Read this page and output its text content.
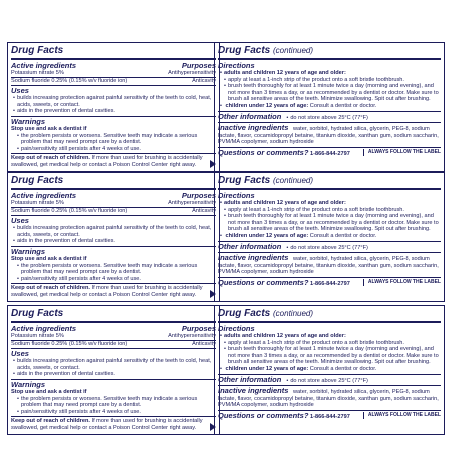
Drug Facts
Active ingredients	Purposes
Potassium nitrate 5%	Antihypersensitivity
Sodium fluoride 0.25% (0.15% w/v fluoride ion)	Anticavity
Uses
• builds increasing protection against painful sensitivity of the teeth to cold, heat, acids, sweets, or contact.
• aids in the prevention of dental cavities.
Warnings
Stop use and ask a dentist if
• the problem persists or worsens. Sensitive teeth may indicate a serious problem that may need prompt care by a dentist.
• pain/sensitivity still persists after 4 weeks of use.
Keep out of reach of children. If more than used for brushing is accidentally swallowed, get medical help or contact a Poison Control Center right away.
Drug Facts (continued)
Directions
• adults and children 12 years of age and older:
• apply at least a 1-inch strip of the product onto a soft bristle toothbrush.
• brush teeth thoroughly for at least 1 minute twice a day (morning and evening), and not more than 3 times a day, or as recommended by a dentist or doctor. Make sure to brush all sensitive areas of the teeth. Minimize swallowing. Spit out after brushing.
• children under 12 years of age: Consult a dentist or doctor.
Other information	• do not store above 25°C (77°F)
Inactive ingredients water, sorbitol, hydrated silica, glycerin, PEG-8, sodium lactate, flavor, cocamidopropyl betaine, titanium dioxide, xanthan gum, sodium saccharin, PVM/MA copolymer, sodium hydroxide
Questions or comments? 1-866-844-2797	ALWAYS FOLLOW THE LABEL
Drug Facts
Active ingredients	Purposes
Potassium nitrate 5%	Antihypersensitivity
Sodium fluoride 0.25% (0.15% w/v fluoride ion)	Anticavity
Uses
• builds increasing protection against painful sensitivity of the teeth to cold, heat, acids, sweets, or contact.
• aids in the prevention of dental cavities.
Warnings
Stop use and ask a dentist if
• the problem persists or worsens. Sensitive teeth may indicate a serious problem that may need prompt care by a dentist.
• pain/sensitivity still persists after 4 weeks of use.
Keep out of reach of children. If more than used for brushing is accidentally swallowed, get medical help or contact a Poison Control Center right away.
Drug Facts (continued)
Directions
• adults and children 12 years of age and older:
• apply at least a 1-inch strip of the product onto a soft bristle toothbrush.
• brush teeth thoroughly for at least 1 minute twice a day (morning and evening), and not more than 3 times a day, or as recommended by a dentist or doctor. Make sure to brush all sensitive areas of the teeth. Minimize swallowing. Spit out after brushing.
• children under 12 years of age: Consult a dentist or doctor.
Other information	• do not store above 25°C (77°F)
Inactive ingredients water, sorbitol, hydrated silica, glycerin, PEG-8, sodium lactate, flavor, cocamidopropyl betaine, titanium dioxide, xanthan gum, sodium saccharin, PVM/MA copolymer, sodium hydroxide
Questions or comments? 1-866-844-2797	ALWAYS FOLLOW THE LABEL
Drug Facts
Active ingredients	Purposes
Potassium nitrate 5%	Antihypersensitivity
Sodium fluoride 0.25% (0.15% w/v fluoride ion)	Anticavity
Uses
• builds increasing protection against painful sensitivity of the teeth to cold, heat, acids, sweets, or contact.
• aids in the prevention of dental cavities.
Warnings
Stop use and ask a dentist if
• the problem persists or worsens. Sensitive teeth may indicate a serious problem that may need prompt care by a dentist.
• pain/sensitivity still persists after 4 weeks of use.
Keep out of reach of children. If more than used for brushing is accidentally swallowed, get medical help or contact a Poison Control Center right away.
Drug Facts (continued)
Directions
• adults and children 12 years of age and older:
• apply at least a 1-inch strip of the product onto a soft bristle toothbrush.
• brush teeth thoroughly for at least 1 minute twice a day (morning and evening), and not more than 3 times a day, or as recommended by a dentist or doctor. Make sure to brush all sensitive areas of the teeth. Minimize swallowing. Spit out after brushing.
• children under 12 years of age: Consult a dentist or doctor.
Other information	• do not store above 25°C (77°F)
Inactive ingredients water, sorbitol, hydrated silica, glycerin, PEG-8, sodium lactate, flavor, cocamidopropyl betaine, titanium dioxide, xanthan gum, sodium saccharin, PVM/MA copolymer, sodium hydroxide
Questions or comments? 1-866-844-2797	ALWAYS FOLLOW THE LABEL
